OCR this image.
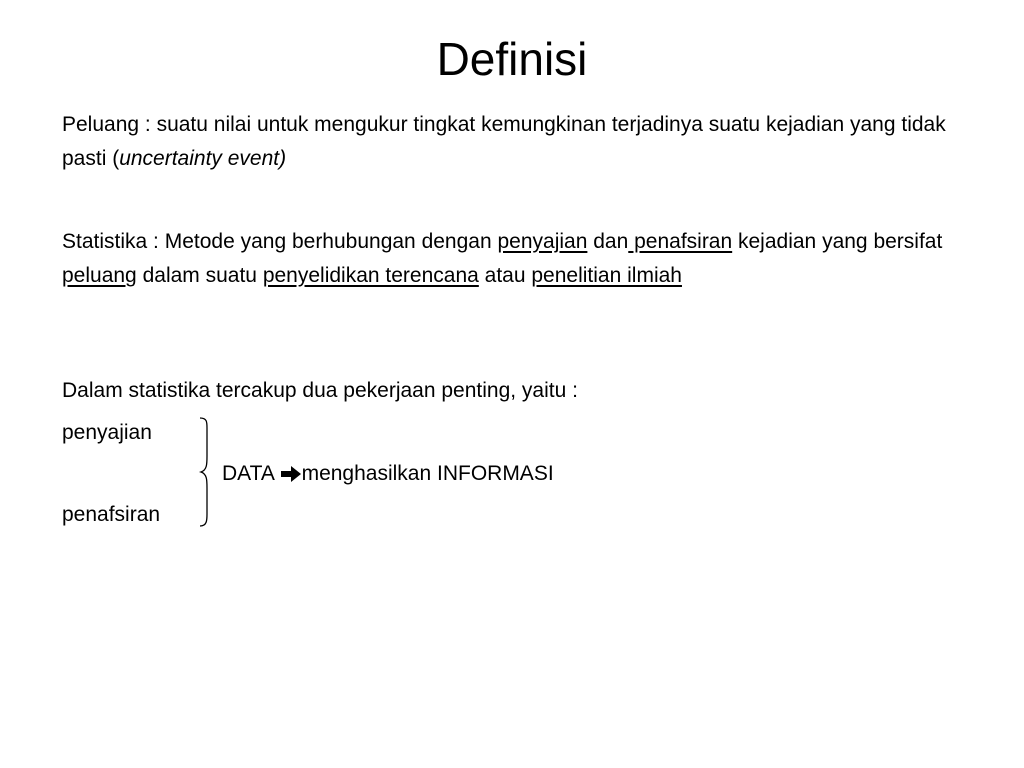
Definisi

Peluang : suatu nilai untuk mengukur tingkat kemungkinan terjadinya suatu kejadian yang tidak pasti (uncertainty event)

Statistika : Metode yang berhubungan dengan penyajian dan penafsiran kejadian yang bersifat peluang dalam suatu penyelidikan terencana atau penelitian ilmiah

Dalam statistika tercakup dua pekerjaan penting, yaitu :

penyajian
DATA menghasilkan INFORMASI
penafsiran
